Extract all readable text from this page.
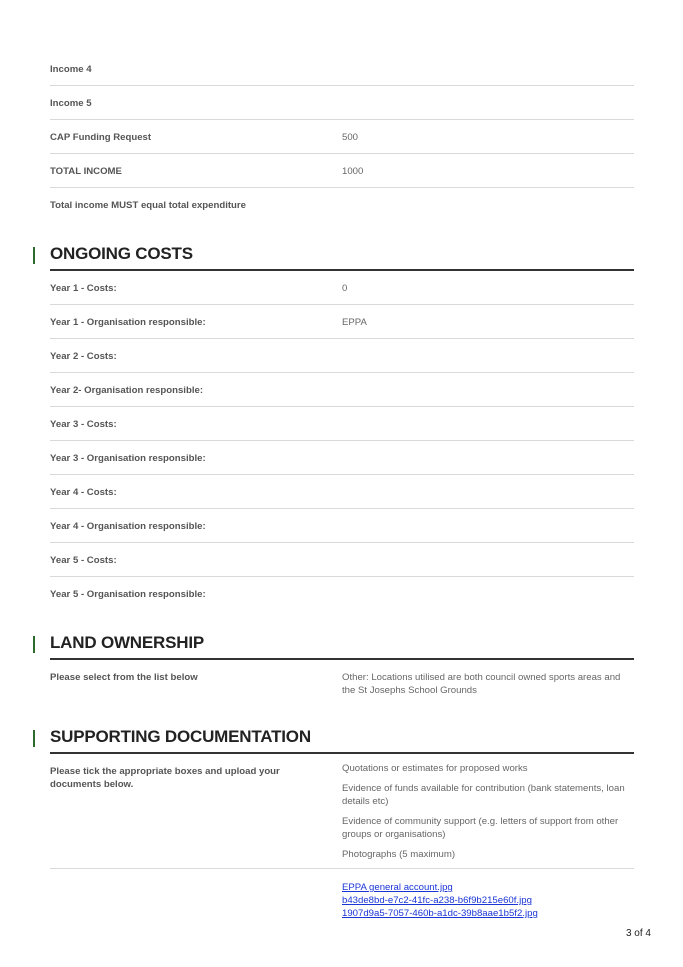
Income 4
Income 5
CAP Funding Request	500
TOTAL INCOME	1000
Total income MUST equal total expenditure
ONGOING COSTS
Year 1 - Costs:	0
Year 1 - Organisation responsible:	EPPA
Year 2 - Costs:
Year 2- Organisation responsible:
Year 3 - Costs:
Year 3 - Organisation responsible:
Year 4 - Costs:
Year 4 - Organisation responsible:
Year 5 - Costs:
Year 5 - Organisation responsible:
LAND OWNERSHIP
Please select from the list below	Other: Locations utilised are both council owned sports areas and the St Josephs School Grounds
SUPPORTING DOCUMENTATION
Please tick the appropriate boxes and upload your documents below.
Quotations or estimates for proposed works
Evidence of funds available for contribution (bank statements, loan details etc)
Evidence of community support (e.g. letters of support from other groups or organisations)
Photographs (5 maximum)
EPPA general account.jpg
b43de8bd-e7c2-41fc-a238-b6f9b215e60f.jpg
1907d9a5-7057-460b-a1dc-39b8aae1b5f2.jpg
3 of 4
